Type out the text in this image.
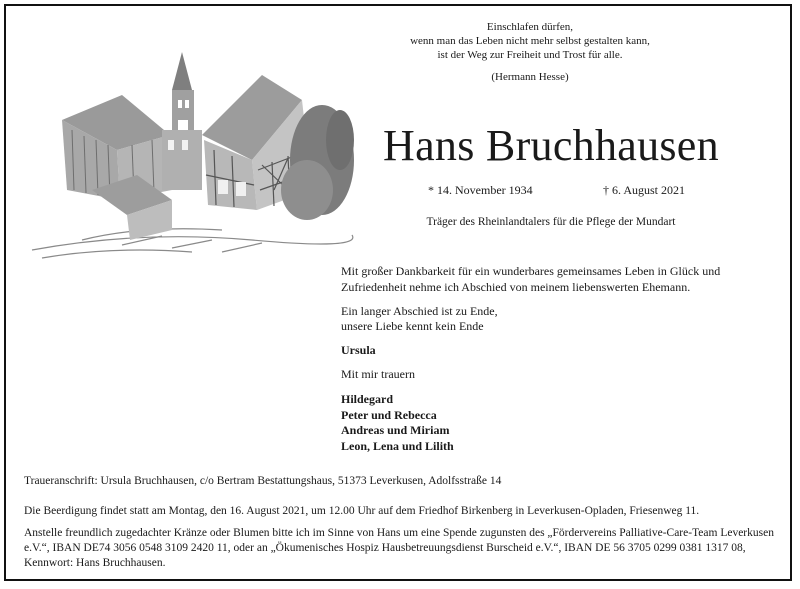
Einschlafen dürfen,
wenn man das Leben nicht mehr selbst gestalten kann,
ist der Weg zur Freiheit und Trost für alle.
(Hermann Hesse)
Hans Bruchhausen
* 14. November 1934	† 6. August 2021
Träger des Rheinlandtalers für die Pflege der Mundart

Mit großer Dankbarkeit für ein wunderbares gemeinsames Leben in Glück und Zufriedenheit nehme ich Abschied von meinem liebenswerten Ehemann.

Ein langer Abschied ist zu Ende,

unsere Liebe kennt kein Ende

Ursula

Mit mir trauern

Hildegard
Peter und Rebecca
Andreas und Miriam
Leon, Lena und Lilith
Traueranschrift: Ursula Bruchhausen, c/o Bertram Bestattungshaus, 51373 Leverkusen, Adolfsstraße 14
Die Beerdigung findet statt am Montag, den 16. August 2021, um 12.00 Uhr auf dem Friedhof Birkenberg in Leverkusen-Opladen, Friesenweg 11.
Anstelle freundlich zugedachter Kränze oder Blumen bitte ich im Sinne von Hans um eine Spende zugunsten des „Fördervereins Palliative-Care-Team Leverkusen e.V.“, IBAN DE74 3056 0548 3109 2420 11, oder an „Ökumenisches Hospiz Hausbetreuungsdienst Burscheid e.V.“, IBAN DE 56 3705 0299 0381 1317 08, Kennwort: Hans Bruchhausen.
